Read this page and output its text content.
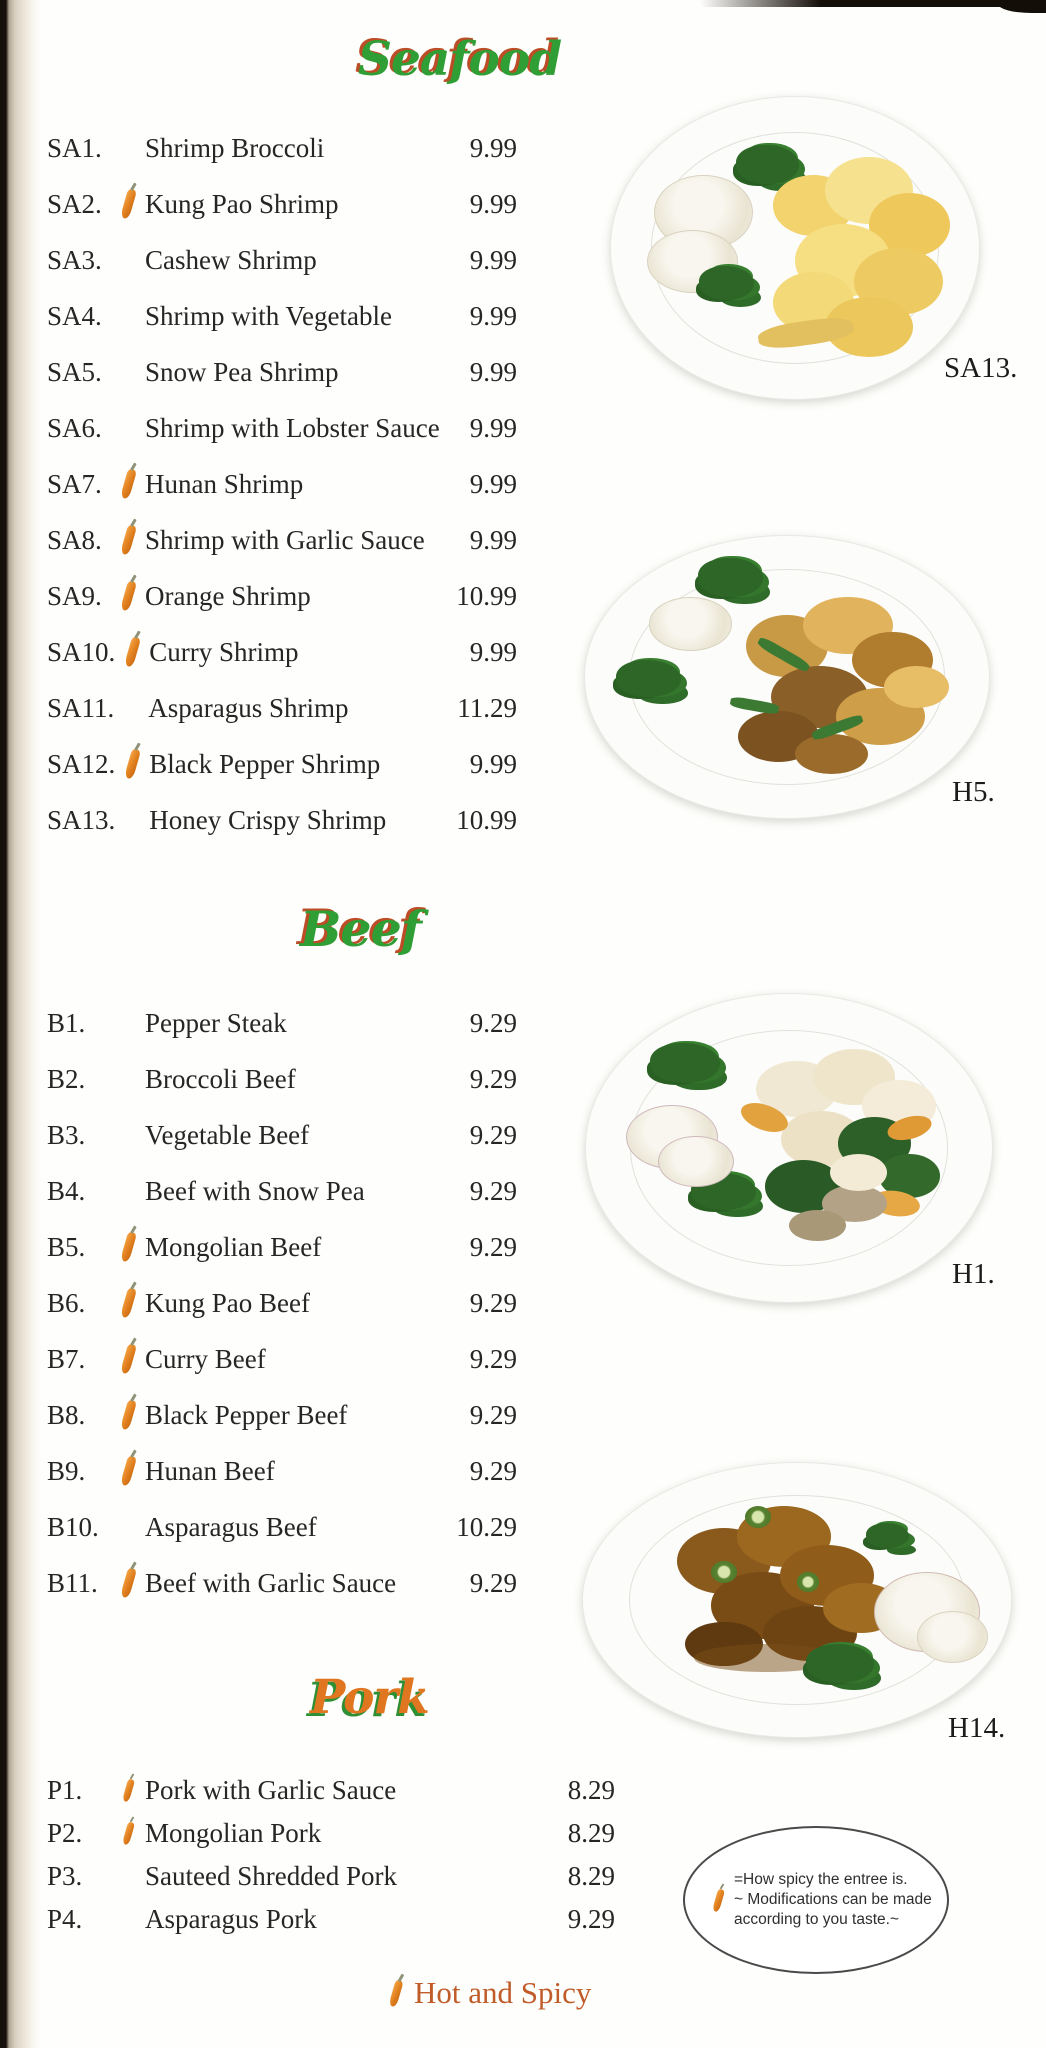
Seafood
SA1.	Shrimp Broccoli	9.99
SA2.	Kung Pao Shrimp	9.99
SA3.	Cashew Shrimp	9.99
SA4.	Shrimp with Vegetable	9.99
SA5.	Snow Pea Shrimp	9.99
SA6.	Shrimp with Lobster Sauce	9.99
SA7.	Hunan Shrimp	9.99
SA8.	Shrimp with Garlic Sauce	9.99
SA9.	Orange Shrimp	10.99
SA10. Curry Shrimp	9.99
SA11. Asparagus Shrimp	11.29
SA12. Black Pepper Shrimp	9.99
SA13. Honey Crispy Shrimp	10.99
Beef
B1.	Pepper Steak	9.29
B2.	Broccoli Beef	9.29
B3.	Vegetable Beef	9.29
B4.	Beef with Snow Pea	9.29
B5.	Mongolian Beef	9.29
B6.	Kung Pao Beef	9.29
B7.	Curry Beef	9.29
B8.	Black Pepper Beef	9.29
B9.	Hunan Beef	9.29
B10.	Asparagus Beef	10.29
B11.	Beef with Garlic Sauce	9.29
Pork
P1.	Pork with Garlic Sauce	8.29
P2.	Mongolian Pork	8.29
P3.	Sauteed Shredded Pork	8.29
P4.	Asparagus Pork	9.29
SA13.
H5.
H1.
H14.
=How spicy the entree is.
~ Modifications can be made
according to you taste.~
Hot and Spicy
